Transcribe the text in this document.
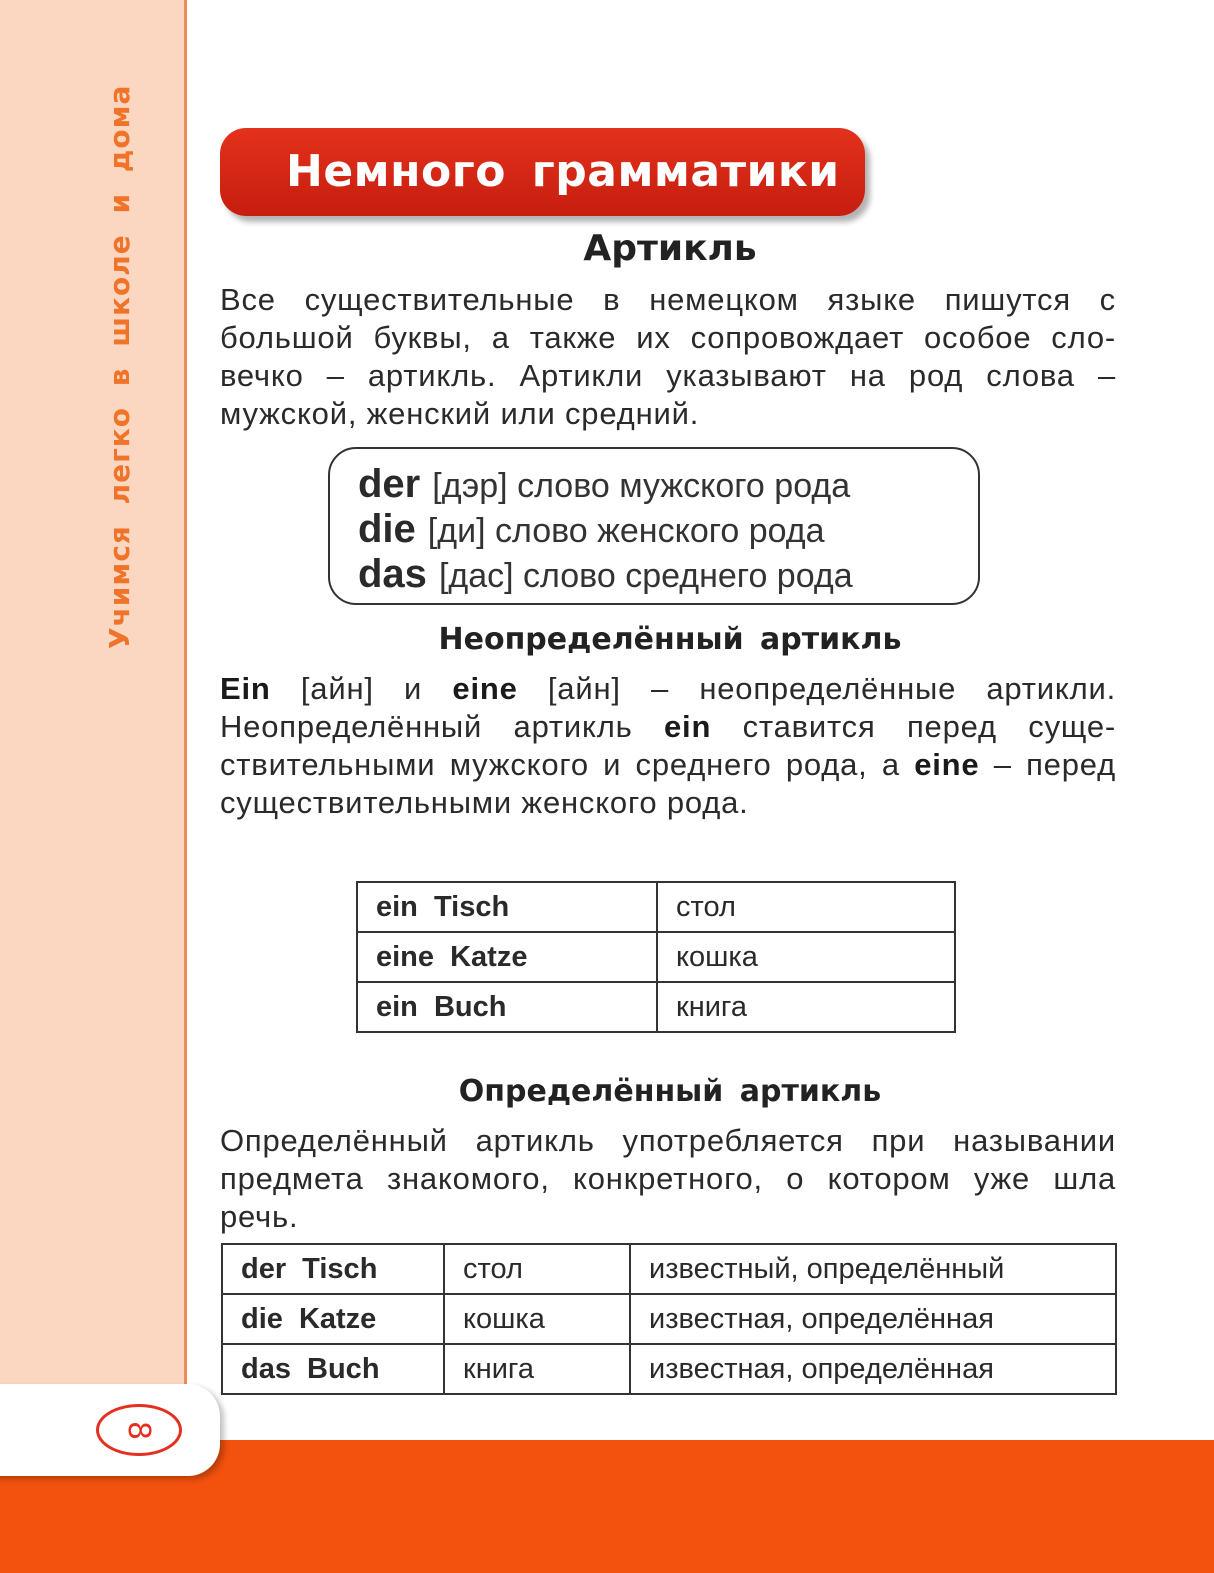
Учимся легко в школе и дома
8
Немного грамматики
Артикль
Все существительные в немецком языке пишутся с большой буквы, а также их сопровождает особое сло-вечко – артикль. Артикли указывают на род слова – мужской, женский или средний.
der [дэр] слово мужского рода
die [ди] слово женского рода
das [дас] слово среднего рода
Неопределённый артикль
Ein [айн] и eine [айн] – неопределённые артикли. Неопределённый артикль ein ставится перед суще-ствительными мужского и среднего рода, а eine – перед существительными женского рода.
ein Tisch	стол
eine Katze	кошка
ein Buch	книга
Определённый артикль
Определённый артикль употребляется при назывании предмета знакомого, конкретного, о котором уже шла речь.
der Tisch	стол	известный, определённый
die Katze	кошка	известная, определённая
das Buch	книга	известная, определённая
